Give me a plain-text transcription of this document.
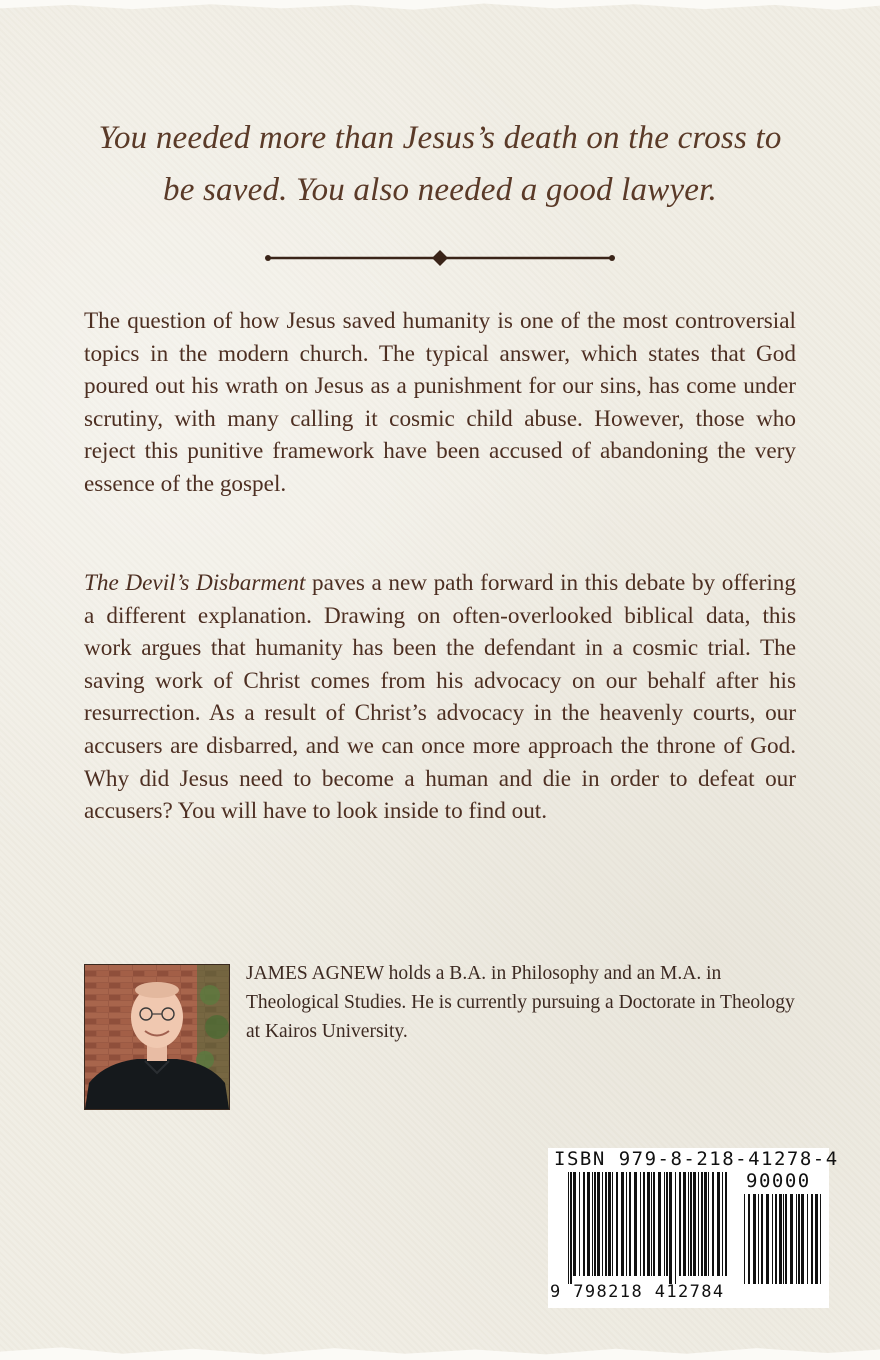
You needed more than Jesus’s death on the cross to
be saved. You also needed a good lawyer.

The question of how Jesus saved humanity is one of the most controversial topics in the modern church. The typical answer, which states that God poured out his wrath on Jesus as a punishment for our sins, has come under scrutiny, with many calling it cosmic child abuse. However, those who reject this punitive framework have been accused of abandoning the very essence of the gospel.

The Devil’s Disbarment paves a new path forward in this debate by offering a different explanation. Drawing on often-overlooked biblical data, this work argues that humanity has been the defendant in a cosmic trial. The saving work of Christ comes from his advocacy on our behalf after his resurrection. As a result of Christ’s advocacy in the heavenly courts, our accusers are disbarred, and we can once more approach the throne of God. Why did Jesus need to become a human and die in order to defeat our accusers? You will have to look inside to find out.

JAMES AGNEW holds a B.A. in Philosophy and an M.A. in Theological Studies. He is currently pursuing a Doctorate in Theology at Kairos University.

ISBN 979-8-218-41278-4
90000
9 798218 412784
